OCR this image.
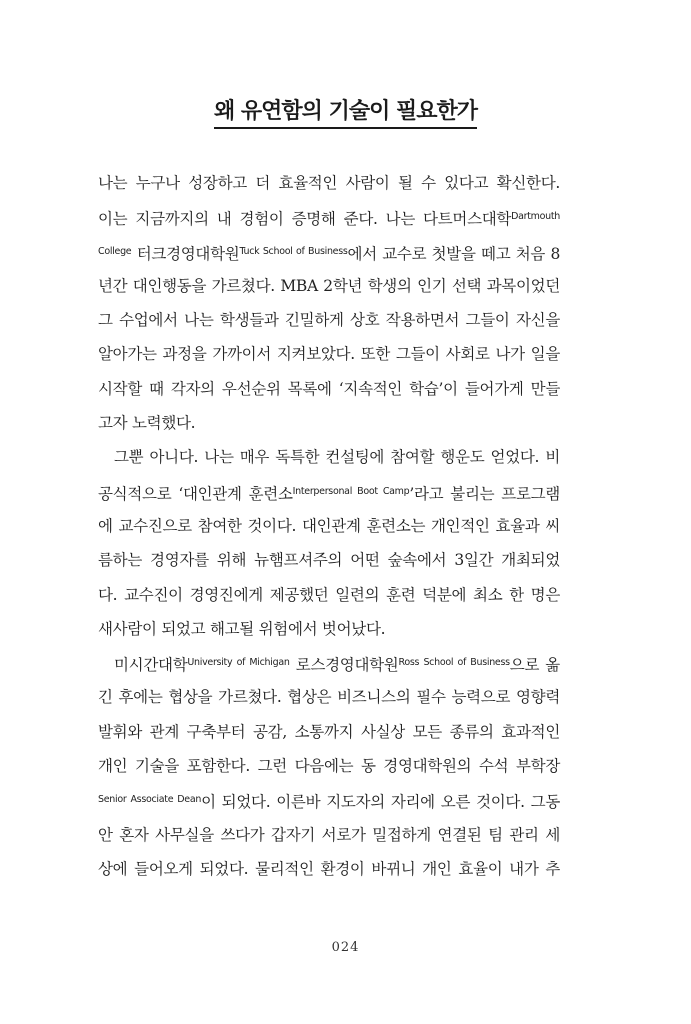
왜 유연함의 기술이 필요한가
나는 누구나 성장하고 더 효율적인 사람이 될 수 있다고 확신한다.
이는 지금까지의 내 경험이 증명해 준다. 나는 다트머스대학$^{Dartmouth}$
$^{College}$ 터크경영대학원$^{Tuck School of Business}$에서 교수로 첫발을 떼고 처음 8
년간 대인행동을 가르쳤다. MBA 2학년 학생의 인기 선택 과목이었던
그 수업에서 나는 학생들과 긴밀하게 상호 작용하면서 그들이 자신을
알아가는 과정을 가까이서 지켜보았다. 또한 그들이 사회로 나가 일을
시작할 때 각자의 우선순위 목록에 ‘지속적인 학습’이 들어가게 만들
고자 노력했다.
그뿐 아니다. 나는 매우 독특한 컨설팅에 참여할 행운도 얻었다. 비
공식적으로 ‘대인관계 훈련소$^{Interpersonal Boot Camp}$’라고 불리는 프로그램
에 교수진으로 참여한 것이다. 대인관계 훈련소는 개인적인 효율과 씨
름하는 경영자를 위해 뉴햄프셔주의 어떤 숲속에서 3일간 개최되었
다. 교수진이 경영진에게 제공했던 일련의 훈련 덕분에 최소 한 명은
새사람이 되었고 해고될 위험에서 벗어났다.
미시간대학$^{University of Michigan}$ 로스경영대학원$^{Ross School of Business}$으로 옮
긴 후에는 협상을 가르쳤다. 협상은 비즈니스의 필수 능력으로 영향력
발휘와 관계 구축부터 공감, 소통까지 사실상 모든 종류의 효과적인
개인 기술을 포함한다. 그런 다음에는 동 경영대학원의 수석 부학장
$^{Senior Associate Dean}$이 되었다. 이른바 지도자의 자리에 오른 것이다. 그동
안 혼자 사무실을 쓰다가 갑자기 서로가 밀접하게 연결된 팀 관리 세
상에 들어오게 되었다. 물리적인 환경이 바뀌니 개인 효율이 내가 추
024
